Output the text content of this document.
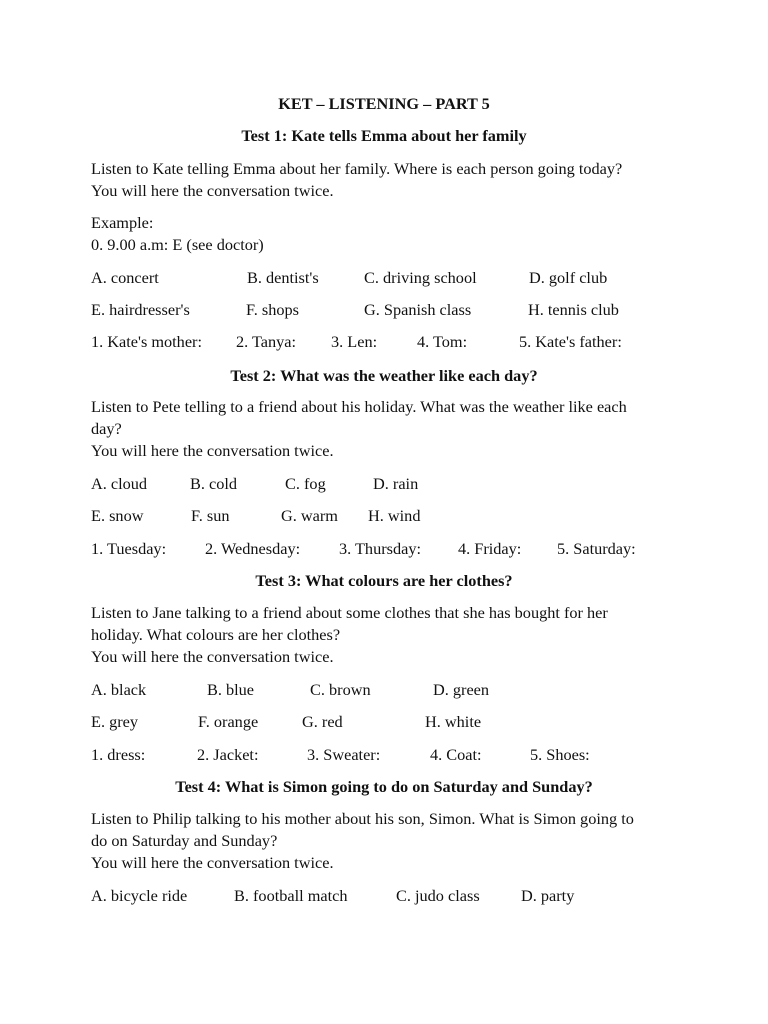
KET – LISTENING – PART 5
Test 1: Kate tells Emma about her family
Listen to Kate telling Emma about her family. Where is each person going today?
You will here the conversation twice.
Example:
0. 9.00 a.m: E (see doctor)
A. concert	B. dentist's	C. driving school	D. golf club
E. hairdresser's	F. shops	G. Spanish class	H. tennis club
1. Kate's mother: 2. Tanya: 3. Len: 4. Tom:	5. Kate's father:
Test 2: What was the weather like each day?
Listen to Pete telling to a friend about his holiday. What was the weather like each
day?
You will here the conversation twice.
A. cloud	B. cold	C. fog	D. rain
E. snow	F. sun	G. warm H. wind
1. Tuesday: 2. Wednesday: 3. Thursday: 4. Friday: 5. Saturday:
Test 3: What colours are her clothes?
Listen to Jane talking to a friend about some clothes that she has bought for her
holiday. What colours are her clothes?
You will here the conversation twice.
A. black	B. blue	C. brown	D. green
E. grey	F. orange	G. red	H. white
1. dress:	2. Jacket:	3. Sweater:	4. Coat:	5. Shoes:
Test 4: What is Simon going to do on Saturday and Sunday?
Listen to Philip talking to his mother about his son, Simon. What is Simon going to
do on Saturday and Sunday?
You will here the conversation twice.
A. bicycle ride	B. football match	C. judo class	D. party
